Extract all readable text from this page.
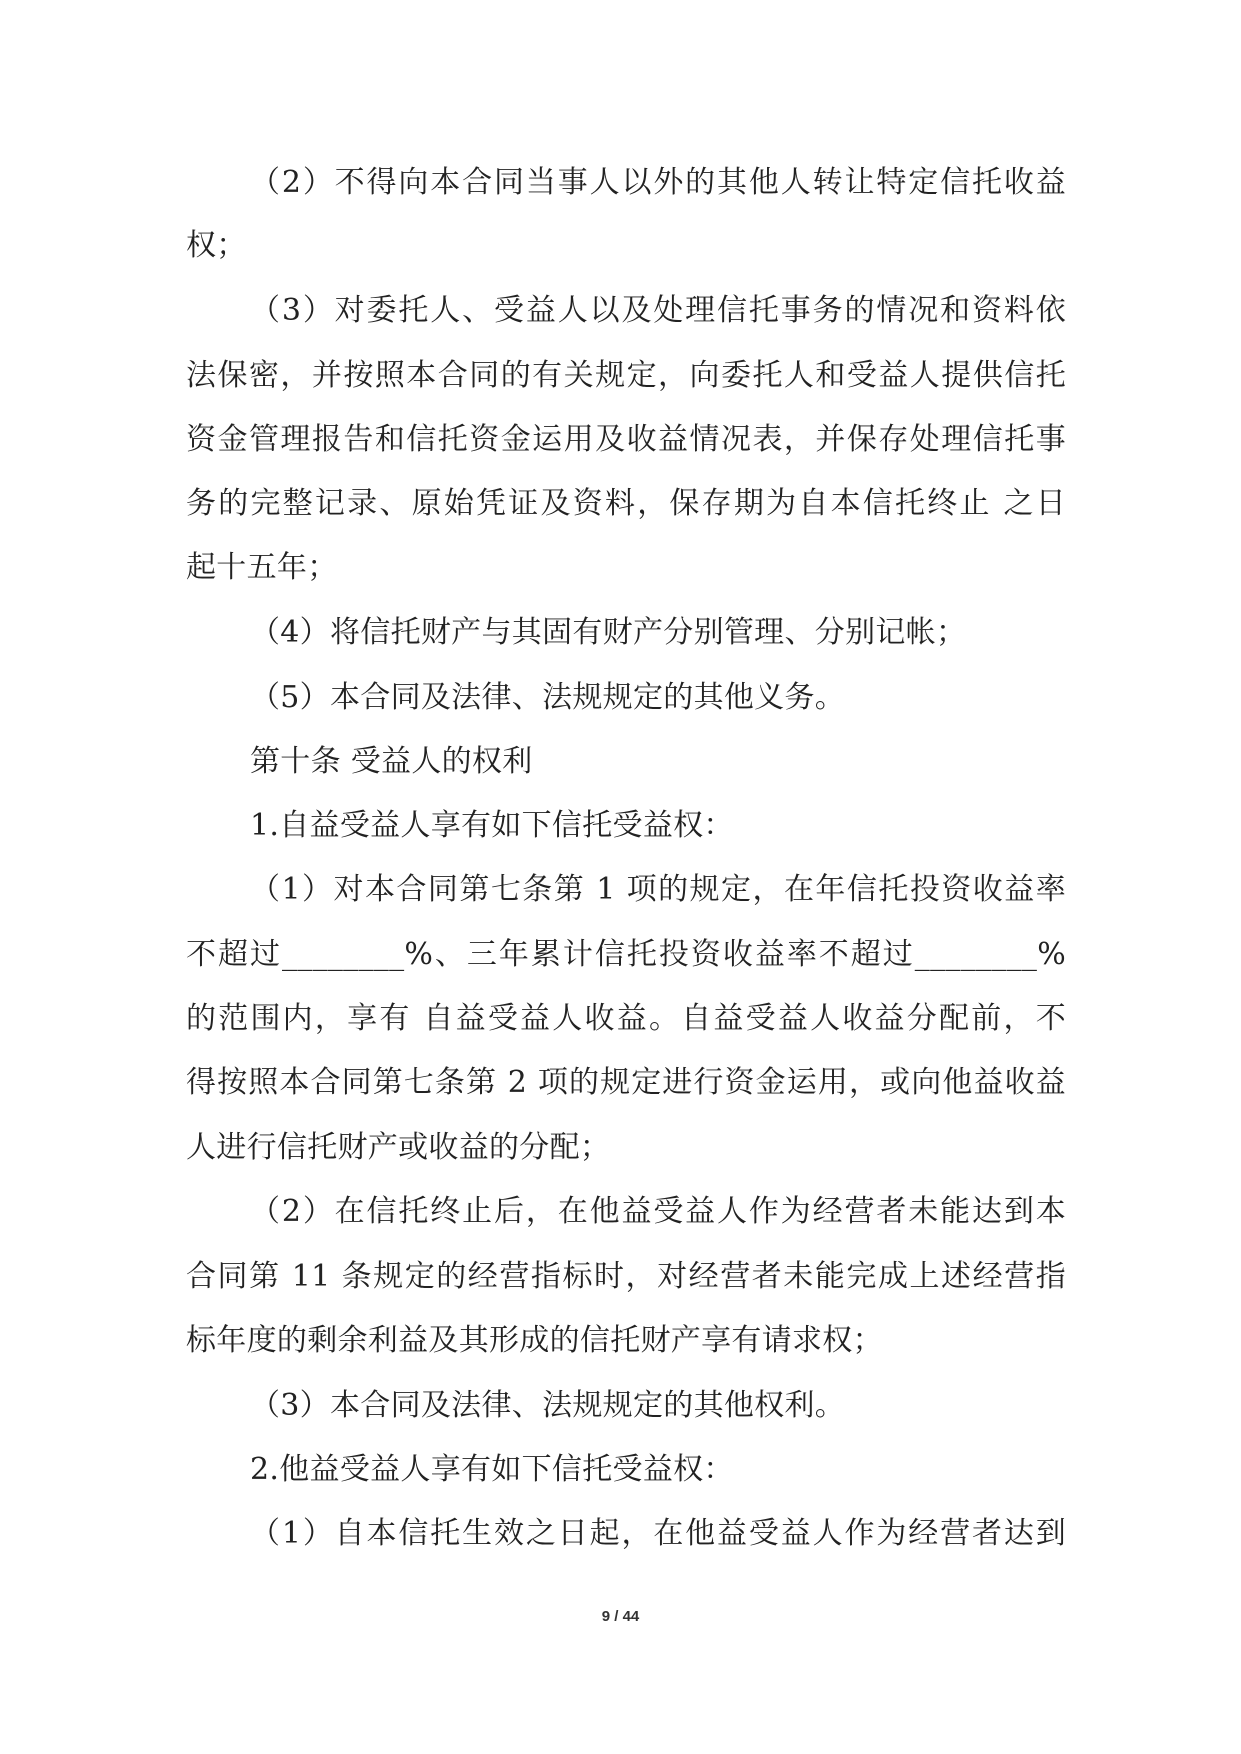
（2）不得向本合同当事人以外的其他人转让特定信托收益
权；
（3）对委托人、受益人以及处理信托事务的情况和资料依
法保密，并按照本合同的有关规定，向委托人和受益人提供信托
资金管理报告和信托资金运用及收益情况表，并保存处理信托事
务的完整记录、原始凭证及资料，保存期为自本信托终止 之日
起十五年；
（4）将信托财产与其固有财产分别管理、分别记帐；
（5）本合同及法律、法规规定的其他义务。
第十条 受益人的权利
1.自益受益人享有如下信托受益权：
（1）对本合同第七条第 1 项的规定，在年信托投资收益率
不超过________%、三年累计信托投资收益率不超过________%
的范围内，享有 自益受益人收益。自益受益人收益分配前，不
得按照本合同第七条第 2 项的规定进行资金运用，或向他益收益
人进行信托财产或收益的分配；
（2）在信托终止后，在他益受益人作为经营者未能达到本
合同第 11 条规定的经营指标时，对经营者未能完成上述经营指
标年度的剩余利益及其形成的信托财产享有请求权；
（3）本合同及法律、法规规定的其他权利。
2.他益受益人享有如下信托受益权：
（1）自本信托生效之日起，在他益受益人作为经营者达到
9 / 44
